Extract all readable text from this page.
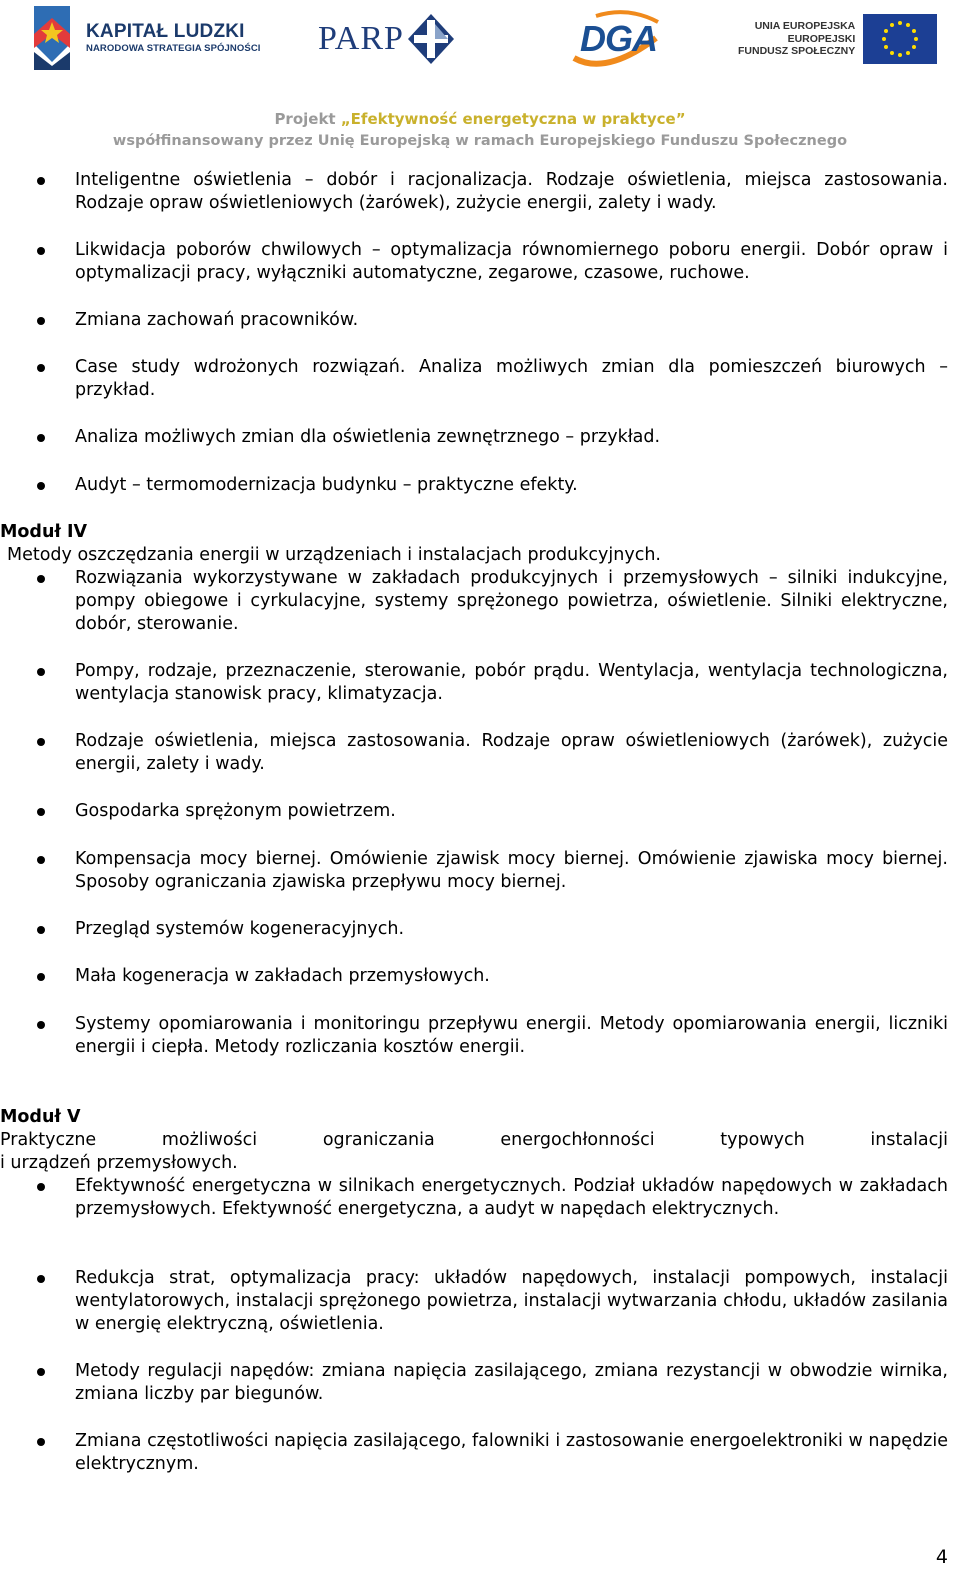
KAPITAŁ LUDZKI
NARODOWA STRATEGIA SPÓJNOŚCI PARP	DGA	UNIA EUROPEJSKA
EUROPEJSKI
FUNDUSZ SPOŁECZNY
Projekt „Efektywność energetyczna w praktyce”
współfinansowany przez Unię Europejską w ramach Europejskiego Funduszu Społecznego
Inteligentne oświetlenia – dobór i racjonalizacja. Rodzaje oświetlenia, miejsca zastosowania. Rodzaje opraw oświetleniowych (żarówek), zużycie energii, zalety i wady.
Likwidacja poborów chwilowych – optymalizacja równomiernego poboru energii. Dobór opraw i optymalizacji pracy, wyłączniki automatyczne, zegarowe, czasowe, ruchowe.
Zmiana zachowań pracowników.
Case study wdrożonych rozwiązań. Analiza możliwych zmian dla pomieszczeń biurowych – przykład.
Analiza możliwych zmian dla oświetlenia zewnętrznego – przykład.
Audyt – termomodernizacja budynku – praktyczne efekty.
Moduł IV
Metody oszczędzania energii w urządzeniach i instalacjach produkcyjnych.
Rozwiązania wykorzystywane w zakładach produkcyjnych i przemysłowych – silniki indukcyjne, pompy obiegowe i cyrkulacyjne, systemy sprężonego powietrza, oświetlenie. Silniki elektryczne, dobór, sterowanie.
Pompy, rodzaje, przeznaczenie, sterowanie, pobór prądu. Wentylacja, wentylacja technologiczna, wentylacja stanowisk pracy, klimatyzacja.
Rodzaje oświetlenia, miejsca zastosowania. Rodzaje opraw oświetleniowych (żarówek), zużycie energii, zalety i wady.
Gospodarka sprężonym powietrzem.
Kompensacja mocy biernej. Omówienie zjawisk mocy biernej. Omówienie zjawiska mocy biernej. Sposoby ograniczania zjawiska przepływu mocy biernej.
Przegląd systemów kogeneracyjnych.
Mała kogeneracja w zakładach przemysłowych.
Systemy opomiarowania i monitoringu przepływu energii. Metody opomiarowania energii, liczniki energii i ciepła. Metody rozliczania kosztów energii.
Moduł V
Praktyczne możliwości ograniczania energochłonności typowych instalacji
i urządzeń przemysłowych.
Efektywność energetyczna w silnikach energetycznych. Podział układów napędowych w zakładach przemysłowych. Efektywność energetyczna, a audyt w napędach elektrycznych.
Redukcja strat, optymalizacja pracy: układów napędowych, instalacji pompowych, instalacji wentylatorowych, instalacji sprężonego powietrza, instalacji wytwarzania chłodu, układów zasilania w energię elektryczną, oświetlenia.
Metody regulacji napędów: zmiana napięcia zasilającego, zmiana rezystancji w obwodzie wirnika, zmiana liczby par biegunów.
Zmiana częstotliwości napięcia zasilającego, falowniki i zastosowanie energoelektroniki w napędzie elektrycznym.
4
